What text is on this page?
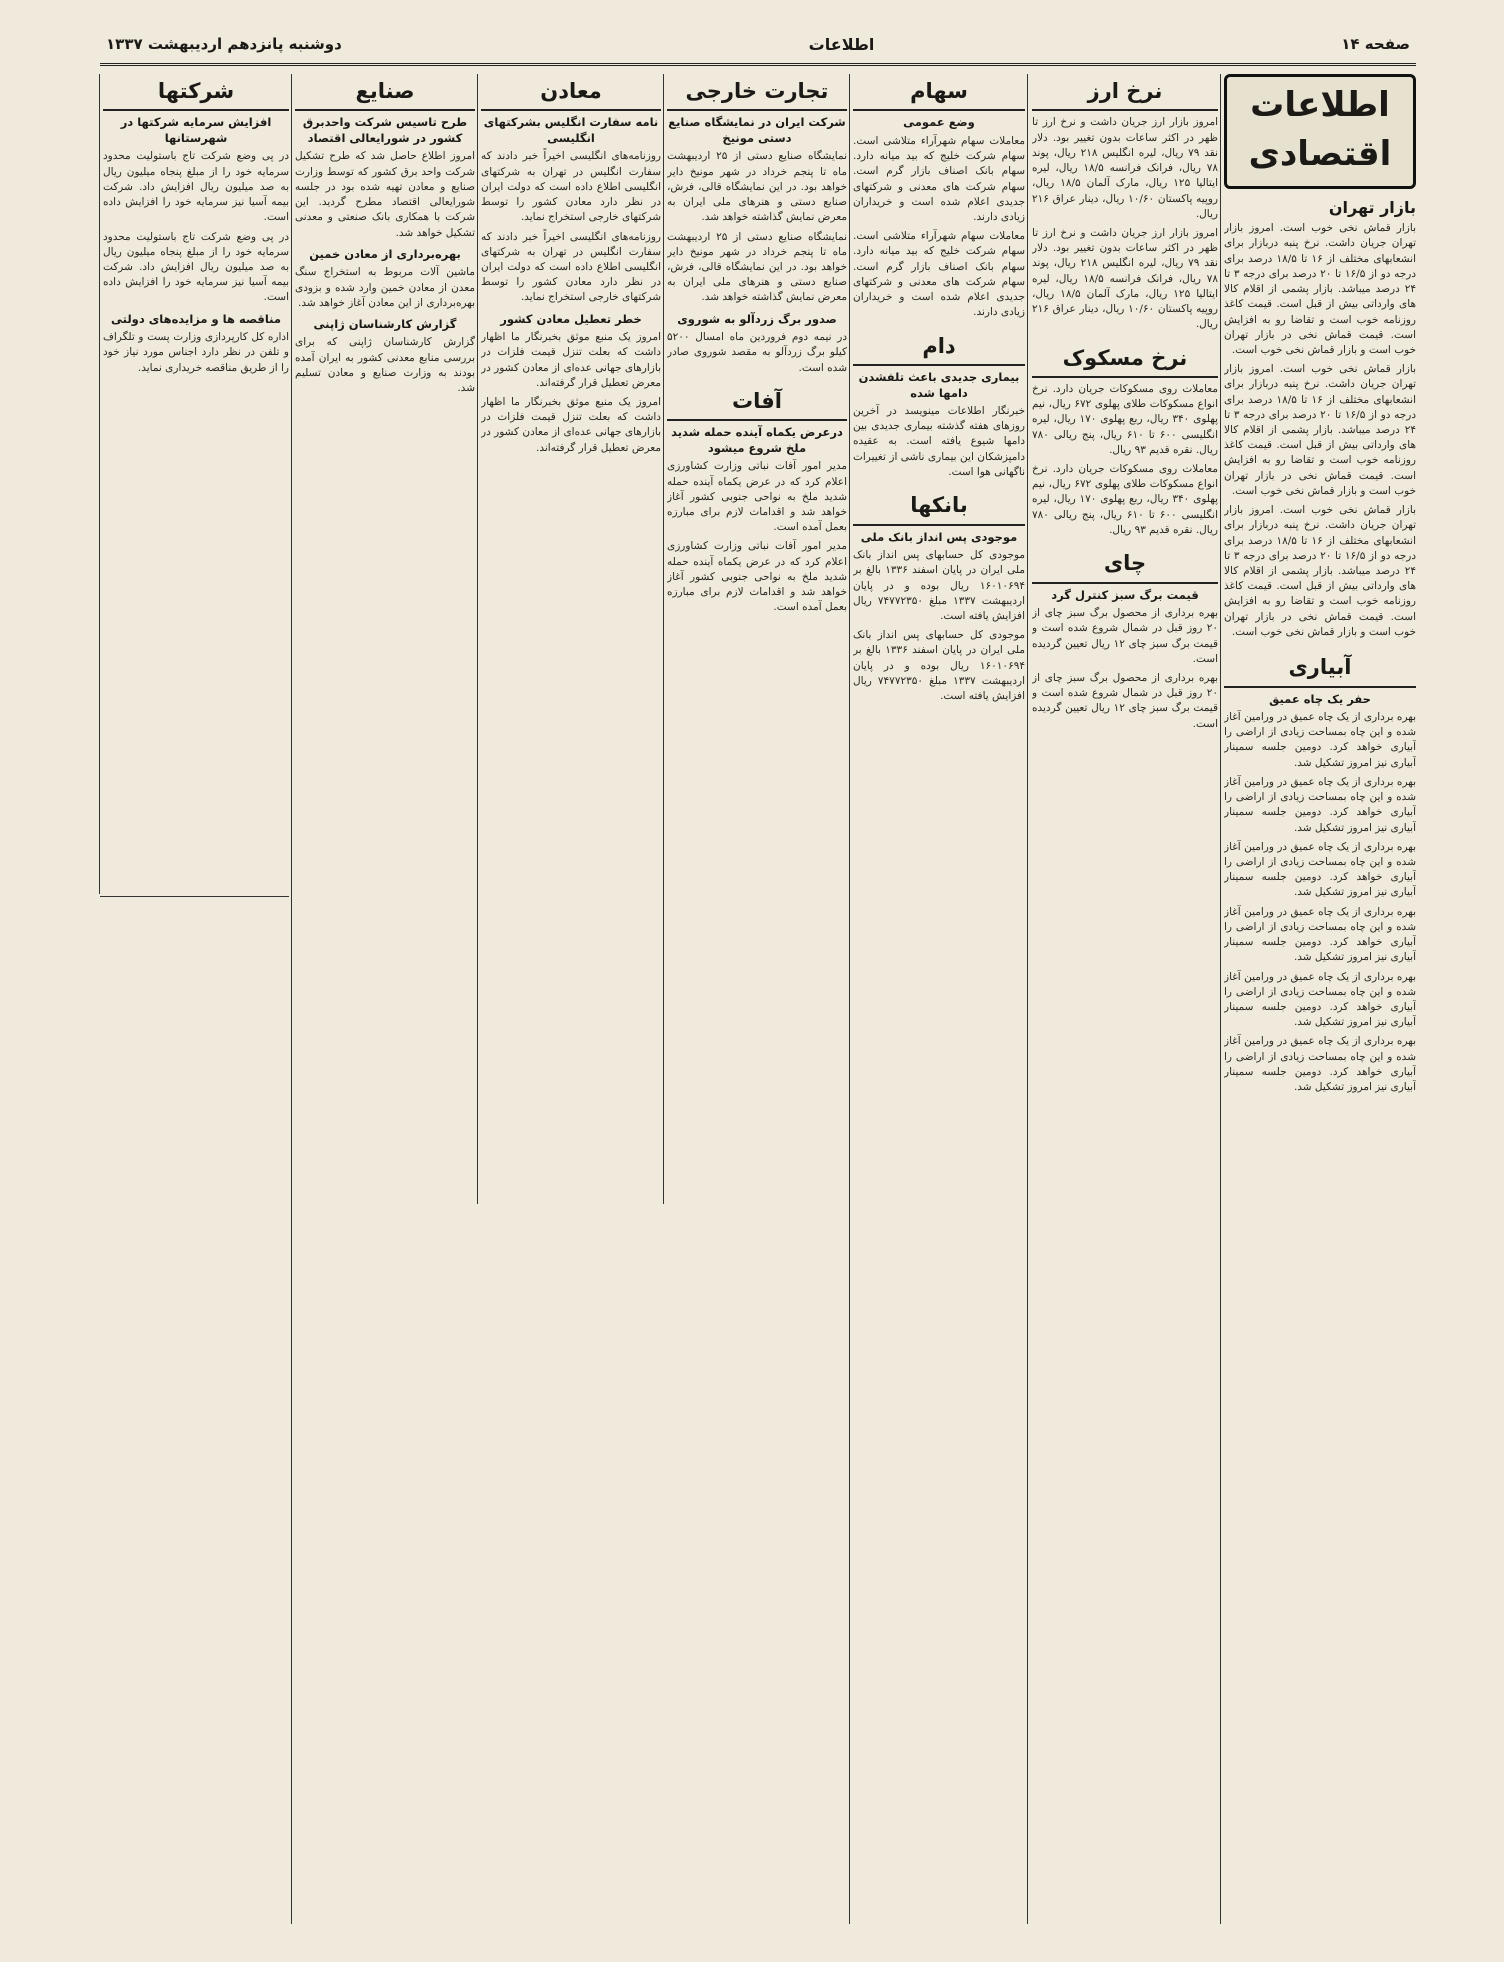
صفحه ۱۴
اطلاعات
دوشنبه پانزدهم اردیبهشت ۱۳۳۷
اطلاعات اقتصادی
بازار تهران
بازار قماش نخی خوب است. امروز بازار تهران جریان داشت. نرخ پنبه دربازار برای انشعابهای مختلف از ۱۶ تا ۱۸/۵ درصد برای درجه دو از ۱۶/۵ تا ۲۰ درصد برای درجه ۳ تا ۲۴ درصد میباشد. بازار پشمی از اقلام کالا های وارداتی بیش از قبل است. قیمت کاغذ روزنامه خوب است و تقاضا رو به افزایش است. قیمت قماش نخی در بازار تهران خوب است و بازار قماش نخی خوب است.
بازار قماش نخی خوب است. امروز بازار تهران جریان داشت. نرخ پنبه دربازار برای انشعابهای مختلف از ۱۶ تا ۱۸/۵ درصد برای درجه دو از ۱۶/۵ تا ۲۰ درصد برای درجه ۳ تا ۲۴ درصد میباشد. بازار پشمی از اقلام کالا های وارداتی بیش از قبل است. قیمت کاغذ روزنامه خوب است و تقاضا رو به افزایش است. قیمت قماش نخی در بازار تهران خوب است و بازار قماش نخی خوب است.
بازار قماش نخی خوب است. امروز بازار تهران جریان داشت. نرخ پنبه دربازار برای انشعابهای مختلف از ۱۶ تا ۱۸/۵ درصد برای درجه دو از ۱۶/۵ تا ۲۰ درصد برای درجه ۳ تا ۲۴ درصد میباشد. بازار پشمی از اقلام کالا های وارداتی بیش از قبل است. قیمت کاغذ روزنامه خوب است و تقاضا رو به افزایش است. قیمت قماش نخی در بازار تهران خوب است و بازار قماش نخی خوب است.
آبیاری
حفر یک چاه عمیق
بهره برداری از یک چاه عمیق در ورامین آغاز شده و این چاه بمساحت زیادی از اراضی را آبیاری خواهد کرد. دومین جلسه سمینار آبیاری نیز امروز تشکیل شد.
بهره برداری از یک چاه عمیق در ورامین آغاز شده و این چاه بمساحت زیادی از اراضی را آبیاری خواهد کرد. دومین جلسه سمینار آبیاری نیز امروز تشکیل شد.
بهره برداری از یک چاه عمیق در ورامین آغاز شده و این چاه بمساحت زیادی از اراضی را آبیاری خواهد کرد. دومین جلسه سمینار آبیاری نیز امروز تشکیل شد.
بهره برداری از یک چاه عمیق در ورامین آغاز شده و این چاه بمساحت زیادی از اراضی را آبیاری خواهد کرد. دومین جلسه سمینار آبیاری نیز امروز تشکیل شد.
بهره برداری از یک چاه عمیق در ورامین آغاز شده و این چاه بمساحت زیادی از اراضی را آبیاری خواهد کرد. دومین جلسه سمینار آبیاری نیز امروز تشکیل شد.
بهره برداری از یک چاه عمیق در ورامین آغاز شده و این چاه بمساحت زیادی از اراضی را آبیاری خواهد کرد. دومین جلسه سمینار آبیاری نیز امروز تشکیل شد.
نرخ ارز
امروز بازار ارز جریان داشت و نرخ ارز تا ظهر در اکثر ساعات بدون تغییر بود. دلار نقد ۷۹ ریال، لیره انگلیس ۲۱۸ ریال، پوند ۷۸ ریال، فرانک فرانسه ۱۸/۵ ریال، لیره ایتالیا ۱۲۵ ریال، مارک آلمان ۱۸/۵ ریال، روپیه پاکستان ۱۰/۶۰ ریال، دینار عراق ۲۱۶ ریال.
امروز بازار ارز جریان داشت و نرخ ارز تا ظهر در اکثر ساعات بدون تغییر بود. دلار نقد ۷۹ ریال، لیره انگلیس ۲۱۸ ریال، پوند ۷۸ ریال، فرانک فرانسه ۱۸/۵ ریال، لیره ایتالیا ۱۲۵ ریال، مارک آلمان ۱۸/۵ ریال، روپیه پاکستان ۱۰/۶۰ ریال، دینار عراق ۲۱۶ ریال.
نرخ مسکوک
معاملات روی مسکوکات جریان دارد. نرخ انواع مسکوکات طلای پهلوی ۶۷۲ ریال، نیم پهلوی ۳۴۰ ریال، ربع پهلوی ۱۷۰ ریال، لیره انگلیسی ۶۰۰ تا ۶۱۰ ریال، پنج ریالی ۷۸۰ ریال. نقره قدیم ۹۳ ریال.
معاملات روی مسکوکات جریان دارد. نرخ انواع مسکوکات طلای پهلوی ۶۷۲ ریال، نیم پهلوی ۳۴۰ ریال، ربع پهلوی ۱۷۰ ریال، لیره انگلیسی ۶۰۰ تا ۶۱۰ ریال، پنج ریالی ۷۸۰ ریال. نقره قدیم ۹۳ ریال.
چای
قیمت برگ سبز کنترل گرد
بهره برداری از محصول برگ سبز چای از ۲۰ روز قبل در شمال شروع شده است و قیمت برگ سبز چای ۱۲ ریال تعیین گردیده است.
بهره برداری از محصول برگ سبز چای از ۲۰ روز قبل در شمال شروع شده است و قیمت برگ سبز چای ۱۲ ریال تعیین گردیده است.
سهام
وضع عمومی
معاملات سهام شهرآراء متلاشی است. سهام شرکت خلیج که بید میانه دارد. سهام بانک اصناف بازار گرم است. سهام شرکت های معدنی و شرکتهای جدیدی اعلام شده است و خریداران زیادی دارند.
معاملات سهام شهرآراء متلاشی است. سهام شرکت خلیج که بید میانه دارد. سهام بانک اصناف بازار گرم است. سهام شرکت های معدنی و شرکتهای جدیدی اعلام شده است و خریداران زیادی دارند.
دام
بیماری جدیدی باعث تلفشدن دامها شده
خبرنگار اطلاعات مینویسد در آخرین روزهای هفته گذشته بیماری جدیدی بین دامها شیوع یافته است. به عقیده دامپزشکان این بیماری ناشی از تغییرات ناگهانی هوا است.
بانکها
موجودی پس انداز بانک ملی
موجودی کل حسابهای پس انداز بانک ملی ایران در پایان اسفند ۱۳۳۶ بالغ بر ۱۶۰۱۰۶۹۴ ریال بوده و در پایان اردیبهشت ۱۳۳۷ مبلغ ۷۴۷۷۲۳۵۰ ریال افزایش یافته است.
موجودی کل حسابهای پس انداز بانک ملی ایران در پایان اسفند ۱۳۳۶ بالغ بر ۱۶۰۱۰۶۹۴ ریال بوده و در پایان اردیبهشت ۱۳۳۷ مبلغ ۷۴۷۷۲۳۵۰ ریال افزایش یافته است.
تجارت خارجی
شرکت ایران در نمایشگاه صنایع دستی مونیخ
نمایشگاه صنایع دستی از ۲۵ اردیبهشت ماه تا پنجم خرداد در شهر مونیخ دایر خواهد بود. در این نمایشگاه قالی، فرش، صنایع دستی و هنرهای ملی ایران به معرض نمایش گذاشته خواهد شد.
نمایشگاه صنایع دستی از ۲۵ اردیبهشت ماه تا پنجم خرداد در شهر مونیخ دایر خواهد بود. در این نمایشگاه قالی، فرش، صنایع دستی و هنرهای ملی ایران به معرض نمایش گذاشته خواهد شد.
صدور برگ زردآلو به شوروی
در نیمه دوم فروردین ماه امسال ۵۲۰۰ کیلو برگ زردآلو به مقصد شوروی صادر شده است.
آفات
درعرض یکماه آینده حمله شدید ملخ شروع میشود
مدیر امور آفات نباتی وزارت کشاورزی اعلام کرد که در عرض یکماه آینده حمله شدید ملخ به نواحی جنوبی کشور آغاز خواهد شد و اقدامات لازم برای مبارزه بعمل آمده است.
مدیر امور آفات نباتی وزارت کشاورزی اعلام کرد که در عرض یکماه آینده حمله شدید ملخ به نواحی جنوبی کشور آغاز خواهد شد و اقدامات لازم برای مبارزه بعمل آمده است.
معادن
نامه سفارت انگلیس بشرکتهای انگلیسی
روزنامه‌های انگلیسی اخیراً خبر دادند که سفارت انگلیس در تهران به شرکتهای انگلیسی اطلاع داده است که دولت ایران در نظر دارد معادن کشور را توسط شرکتهای خارجی استخراج نماید.
روزنامه‌های انگلیسی اخیراً خبر دادند که سفارت انگلیس در تهران به شرکتهای انگلیسی اطلاع داده است که دولت ایران در نظر دارد معادن کشور را توسط شرکتهای خارجی استخراج نماید.
خطر تعطیل معادن کشور
امروز یک منبع موثق بخبرنگار ما اظهار داشت که بعلت تنزل قیمت فلزات در بازارهای جهانی عده‌ای از معادن کشور در معرض تعطیل قرار گرفته‌اند.
امروز یک منبع موثق بخبرنگار ما اظهار داشت که بعلت تنزل قیمت فلزات در بازارهای جهانی عده‌ای از معادن کشور در معرض تعطیل قرار گرفته‌اند.
صنایع
طرح تاسیس شرکت واحدبرق کشور در شورایعالی اقتصاد
امروز اطلاع حاصل شد که طرح تشکیل شرکت واحد برق کشور که توسط وزارت صنایع و معادن تهیه شده بود در جلسه شورایعالی اقتصاد مطرح گردید. این شرکت با همکاری بانک صنعتی و معدنی تشکیل خواهد شد.
بهره‌برداری از معادن خمین
ماشین آلات مربوط به استخراج سنگ معدن از معادن خمین وارد شده و بزودی بهره‌برداری از این معادن آغاز خواهد شد.
گزارش کارشناسان ژاپنی
گزارش کارشناسان ژاپنی که برای بررسی منابع معدنی کشور به ایران آمده بودند به وزارت صنایع و معادن تسلیم شد.
شرکتها
افزایش سرمایه شرکتها در شهرستانها
در پی وضع شرکت تاج باستوليت محدود سرمایه خود را از مبلغ پنجاه میلیون ریال به صد میلیون ریال افزایش داد. شرکت بیمه آسیا نیز سرمایه خود را افزایش داده است.
در پی وضع شرکت تاج باستوليت محدود سرمایه خود را از مبلغ پنجاه میلیون ریال به صد میلیون ریال افزایش داد. شرکت بیمه آسیا نیز سرمایه خود را افزایش داده است.
مناقصه ها و مزایده‌های دولتی
اداره کل کارپردازی وزارت پست و تلگراف و تلفن در نظر دارد اجناس مورد نیاز خود را از طریق مناقصه خریداری نماید.
